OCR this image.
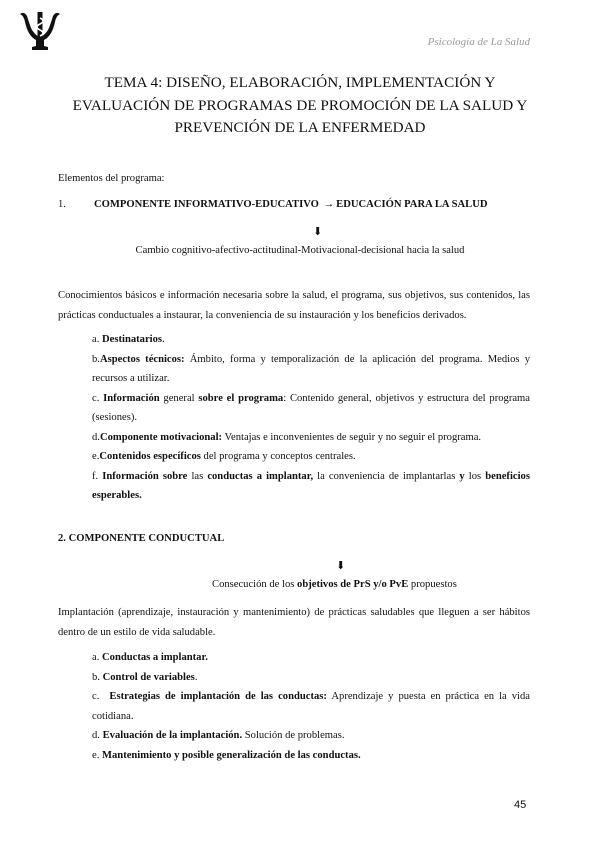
Psicología de La Salud
TEMA 4: DISEÑO, ELABORACIÓN, IMPLEMENTACIÓN Y
EVALUACIÓN DE PROGRAMAS DE PROMOCIÓN DE LA SALUD Y
PREVENCIÓN DE LA ENFERMEDAD
Elementos del programa:
1.	COMPONENTE INFORMATIVO-EDUCATIVO → EDUCACIÓN PARA LA SALUD
⬇
Cambio cognitivo-afectivo-actitudinal-Motivacional-decisional hacia la salud
Conocimientos básicos e información necesaria sobre la salud, el programa, sus objetivos, sus contenidos, las prácticas conductuales a instaurar, la conveniencia de su instauración y los beneficios derivados.
a. Destinatarios.
b.Aspectos técnicos: Ámbito, forma y temporalización de la aplicación del programa. Medios y recursos a utilizar.
c. Información general sobre el programa: Contenido general, objetivos y estructura del programa (sesiones).
d.Componente motivacional: Ventajas e inconvenientes de seguir y no seguir el programa.
e.Contenidos específicos del programa y conceptos centrales.
f. Información sobre las conductas a implantar, la conveniencia de implantarlas y los beneficios esperables.
2. COMPONENTE CONDUCTUAL
⬇
Consecución de los objetivos de PrS y/o PvE propuestos
Implantación (aprendizaje, instauración y mantenimiento) de prácticas saludables que lleguen a ser hábitos dentro de un estilo de vida saludable.
a. Conductas a implantar.
b. Control de variables.
c.  Estrategias de implantación de las conductas: Aprendizaje y puesta en práctica en la vida cotidiana.
d. Evaluación de la implantación. Solución de problemas.
e. Mantenimiento y posible generalización de las conductas.
45
